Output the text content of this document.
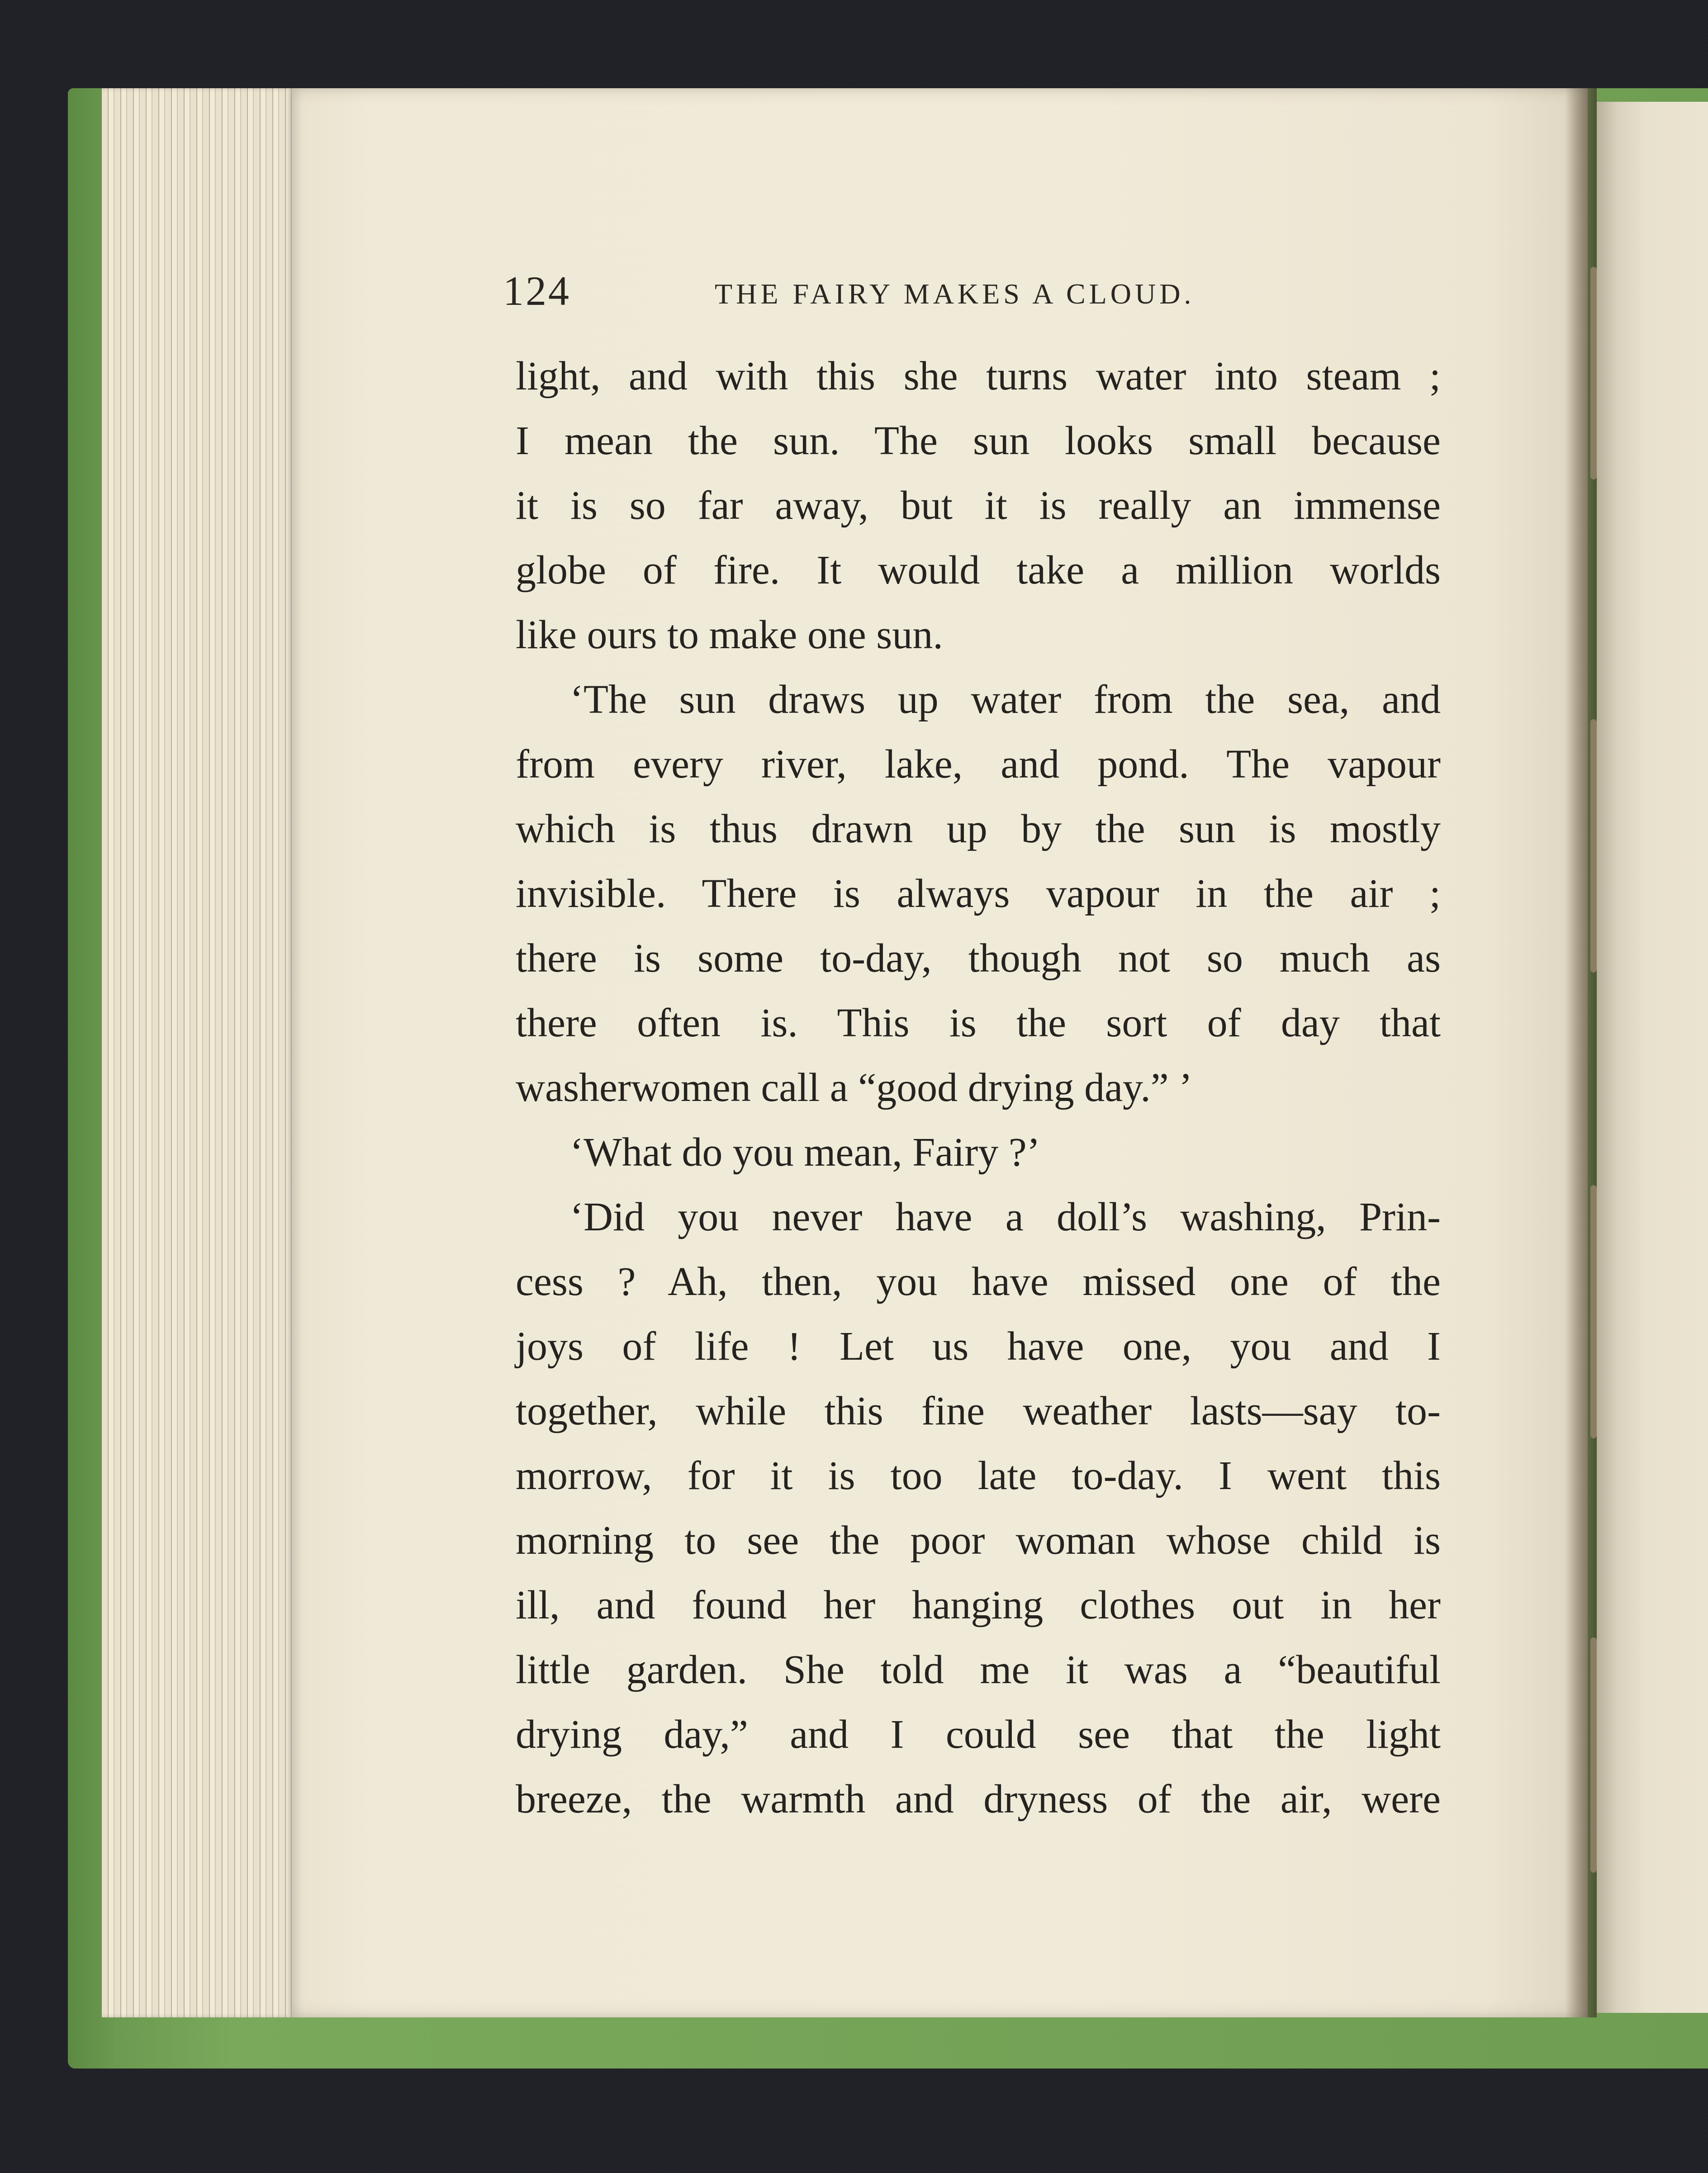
124	THE FAIRY MAKES A CLOUD.
light, and with this she turns water into steam ;
I mean the sun. The sun looks small because
it is so far away, but it is really an immense
globe of fire. It would take a million worlds
like ours to make one sun.
‘The sun draws up water from the sea, and
from every river, lake, and pond. The vapour
which is thus drawn up by the sun is mostly
invisible. There is always vapour in the air ;
there is some to-day, though not so much as
there often is. This is the sort of day that
washerwomen call a “good drying day.” ’
‘What do you mean, Fairy ?’
‘Did you never have a doll’s washing, Prin-
cess ? Ah, then, you have missed one of the
joys of life ! Let us have one, you and I
together, while this fine weather lasts—say to-
morrow, for it is too late to-day. I went this
morning to see the poor woman whose child is
ill, and found her hanging clothes out in her
little garden. She told me it was a “beautiful
drying day,” and I could see that the light
breeze, the warmth and dryness of the air, were
